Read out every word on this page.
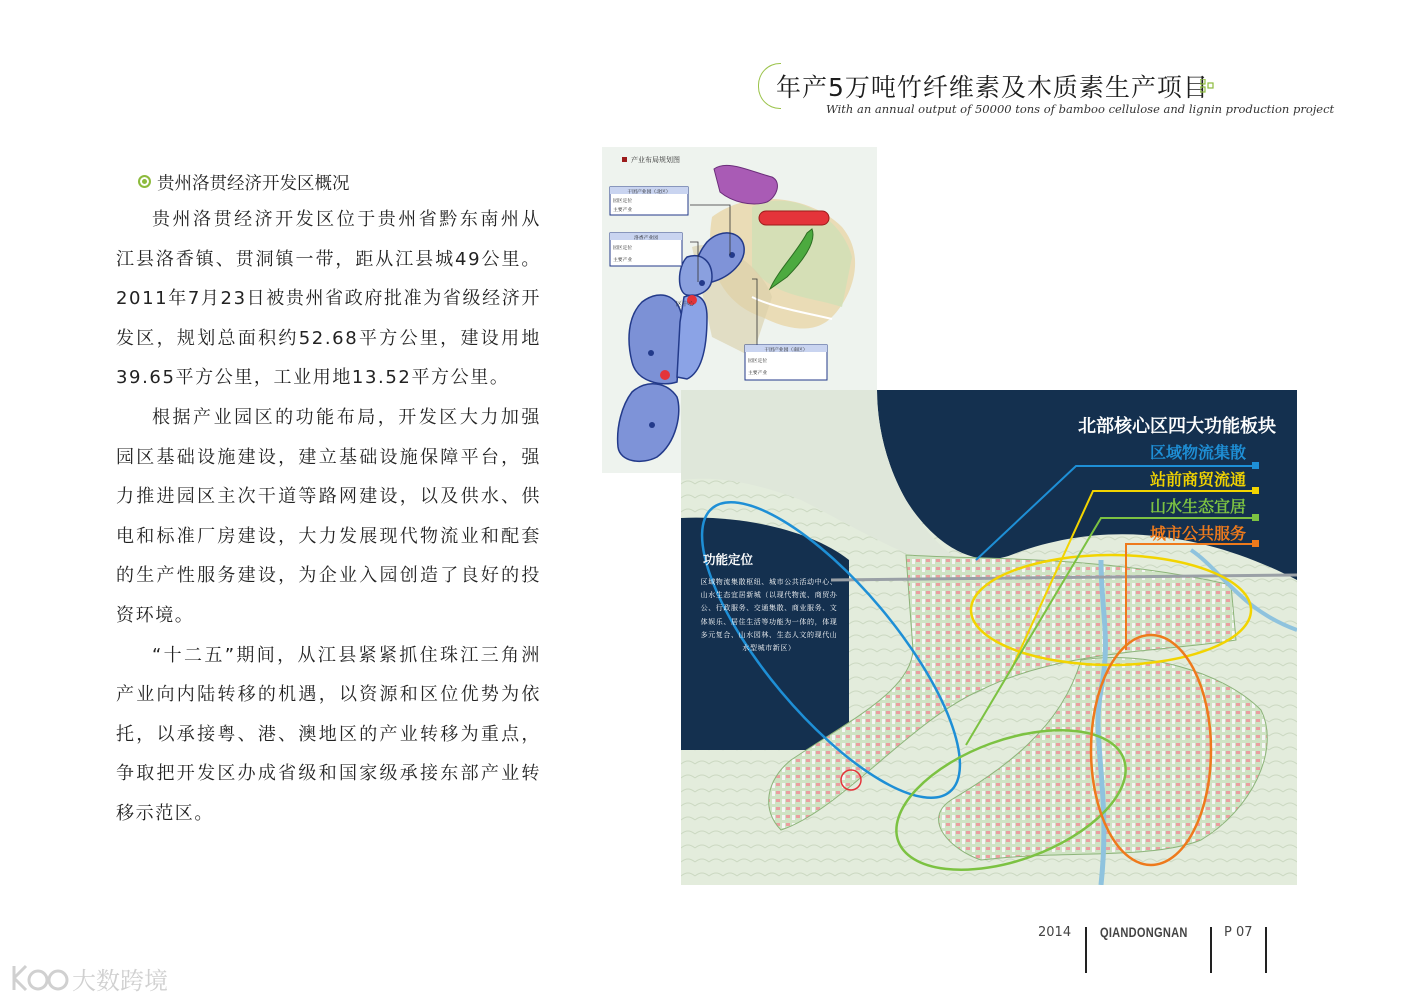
年产5万吨竹纤维素及木质素生产项目
With an annual output of 50000 tons of bamboo cellulose and lignin production project
贵州洛贯经济开发区概况

贵州洛贯经济开发区位于贵州省黔东南州从江县洛香镇、贯洞镇一带，距从江县城49公里。2011年7月23日被贵州省政府批准为省级经济开发区，规划总面积约52.68平方公里，建设用地39.65平方公里，工业用地13.52平方公里。

根据产业园区的功能布局，开发区大力加强园区基础设施建设，建立基础设施保障平台，强力推进园区主次干道等路网建设，以及供水、供电和标准厂房建设，大力发展现代物流业和配套的生产性服务建设，为企业入园创造了良好的投资环境。

“十二五”期间，从江县紧紧抓住珠江三角洲产业向内陆转移的机遇，以资源和区位优势为依托，以承接粤、港、澳地区的产业转移为重点，争取把开发区办成省级和国家级承接东部产业转移示范区。

产业布局规划图
区中心
干团产业园（北区）
园区定位
主要产业
洛香产业园
园区定位
主要产业
干团产业园（南区）
园区定位
主要产业
北部核心区四大功能板块
区域物流集散
站前商贸流通
山水生态宜居
城市公共服务
功能定位
区域物流集散枢纽、城市公共活动中心、山水生态宜居新城（以现代物流、商贸办公、行政服务、交通集散、商业服务、文体娱乐、居住生活等功能为一体的，体现多元复合、山水园林、生态人文的现代山水型城市新区）
2014 QIANDONGNAN	P 07
大数跨境
